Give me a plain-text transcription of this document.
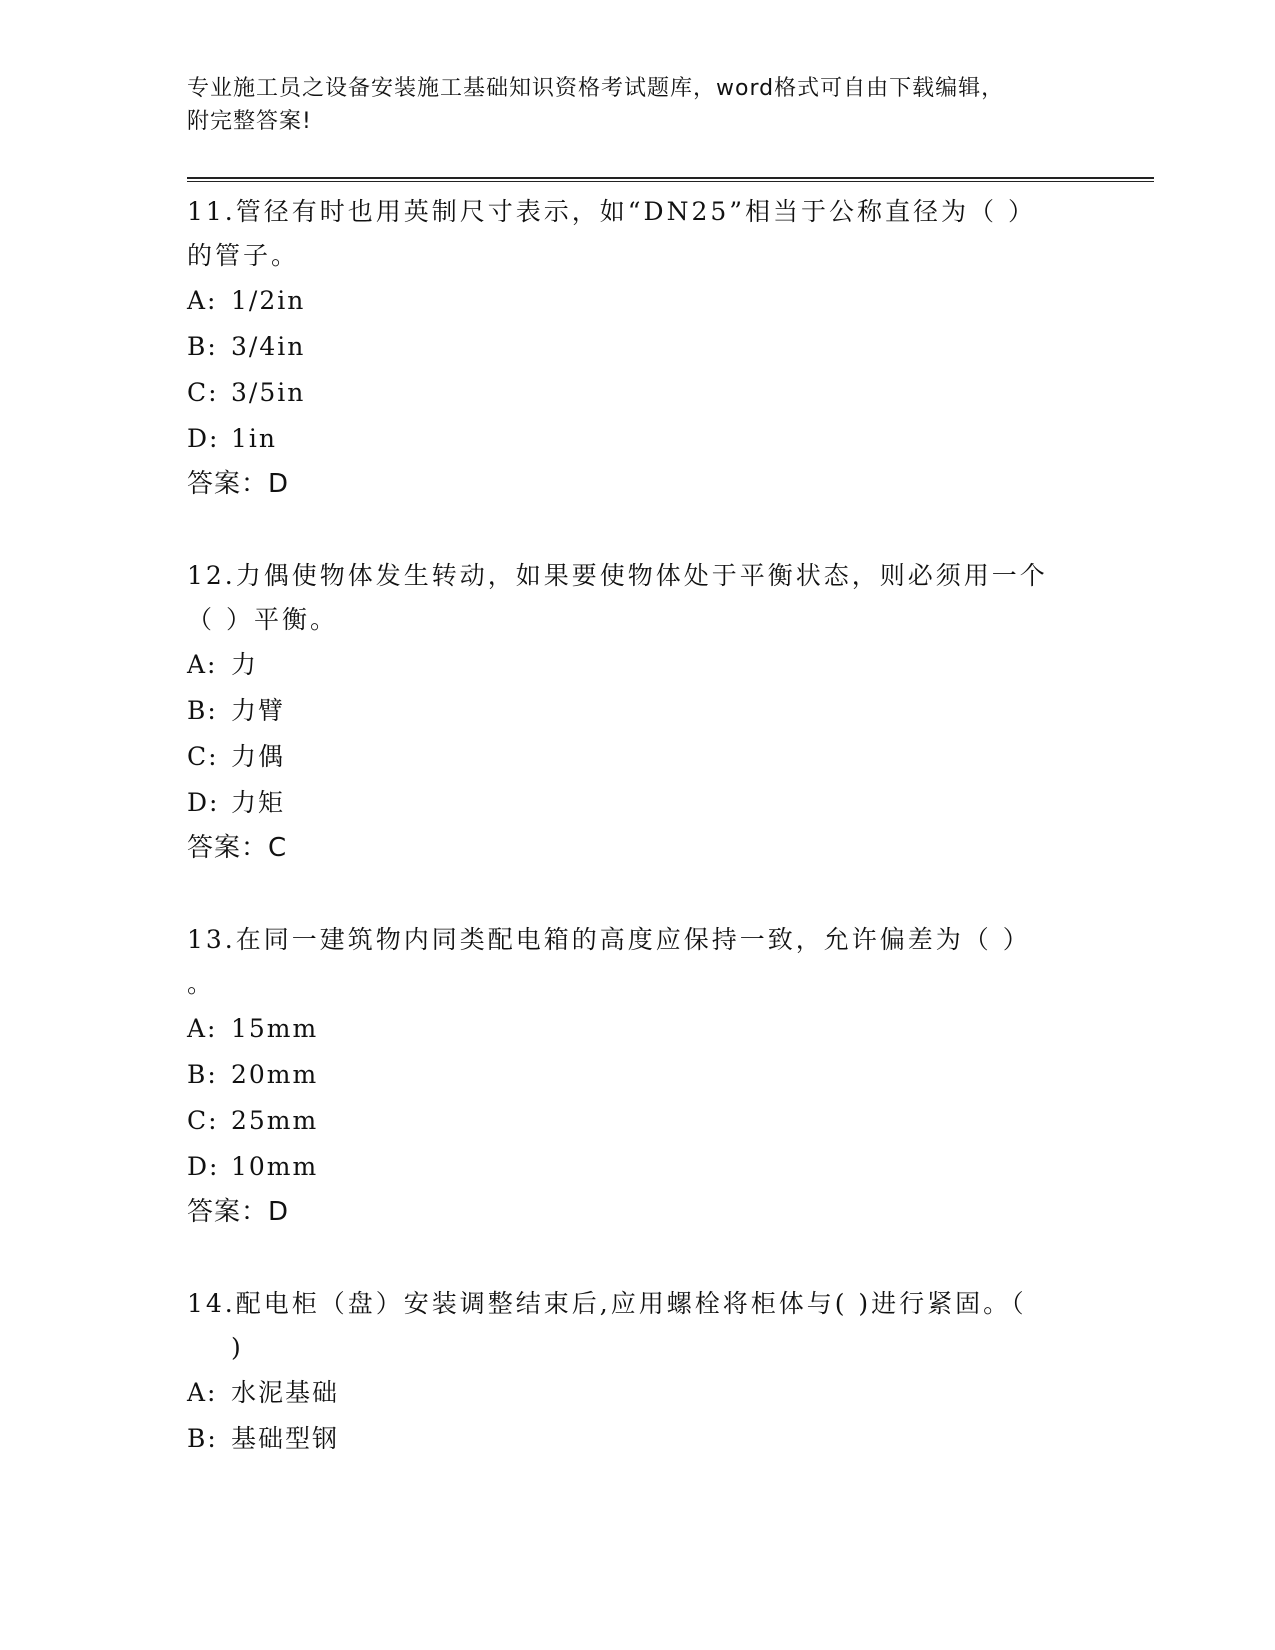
专业施工员之设备安装施工基础知识资格考试题库，word格式可自由下载编辑，
附完整答案!

11.管径有时也用英制尺寸表示，如“DN25”相当于公称直径为（ ）
的管子。

A: 1/2in
B: 3/4in
C: 3/5in
D: 1in
答案：D

12.力偶使物体发生转动，如果要使物体处于平衡状态，则必须用一个
（ ）平衡。

A: 力
B: 力臂
C: 力偶
D: 力矩
答案：C

13.在同一建筑物内同类配电箱的高度应保持一致，允许偏差为（ ）
。

A: 15mm
B: 20mm
C: 25mm
D: 10mm
答案：D

14.配电柜（盘）安装调整结束后,应用螺栓将柜体与( )进行紧固。（
)

A: 水泥基础
B: 基础型钢
